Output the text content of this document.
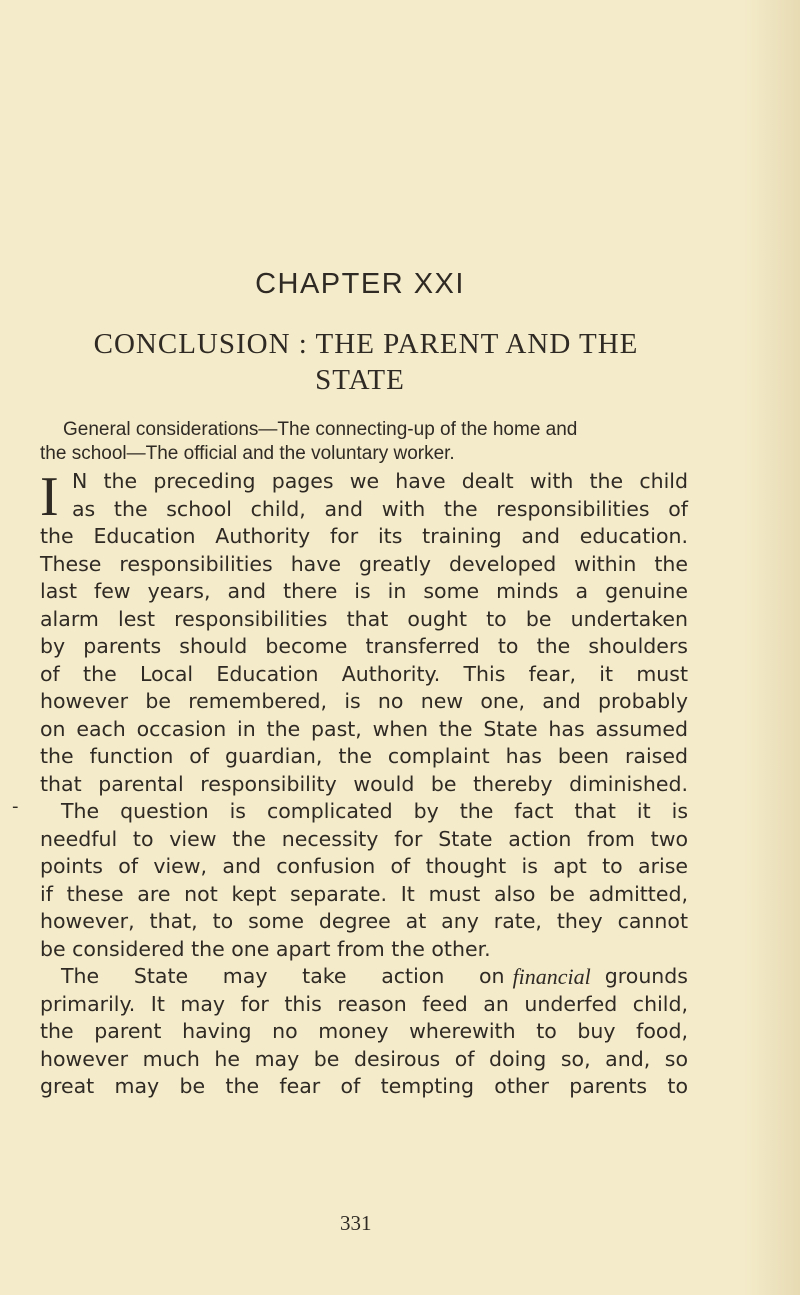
CHAPTER XXI
CONCLUSION : THE PARENT AND THE
STATE
General considerations—The connecting-up of the home and
the school—The official and the voluntary worker.
I
-
N the preceding pages we have dealt with the child
as the school child, and with the responsibilities of
the Education Authority for its training and education.
These responsibilities have greatly developed within the
last few years, and there is in some minds a genuine
alarm lest responsibilities that ought to be undertaken
by parents should become transferred to the shoulders
of the Local Education Authority. This fear, it must
however be remembered, is no new one, and probably
on each occasion in the past, when the State has assumed
the function of guardian, the complaint has been raised
that parental responsibility would be thereby diminished.
The question is complicated by the fact that it is
needful to view the necessity for State action from two
points of view, and confusion of thought is apt to arise
if these are not kept separate. It must also be admitted,
however, that, to some degree at any rate, they cannot
be considered the one apart from the other.
The State may take action on financial grounds
primarily. It may for this reason feed an underfed child,
the parent having no money wherewith to buy food,
however much he may be desirous of doing so, and, so
great may be the fear of tempting other parents to
331
